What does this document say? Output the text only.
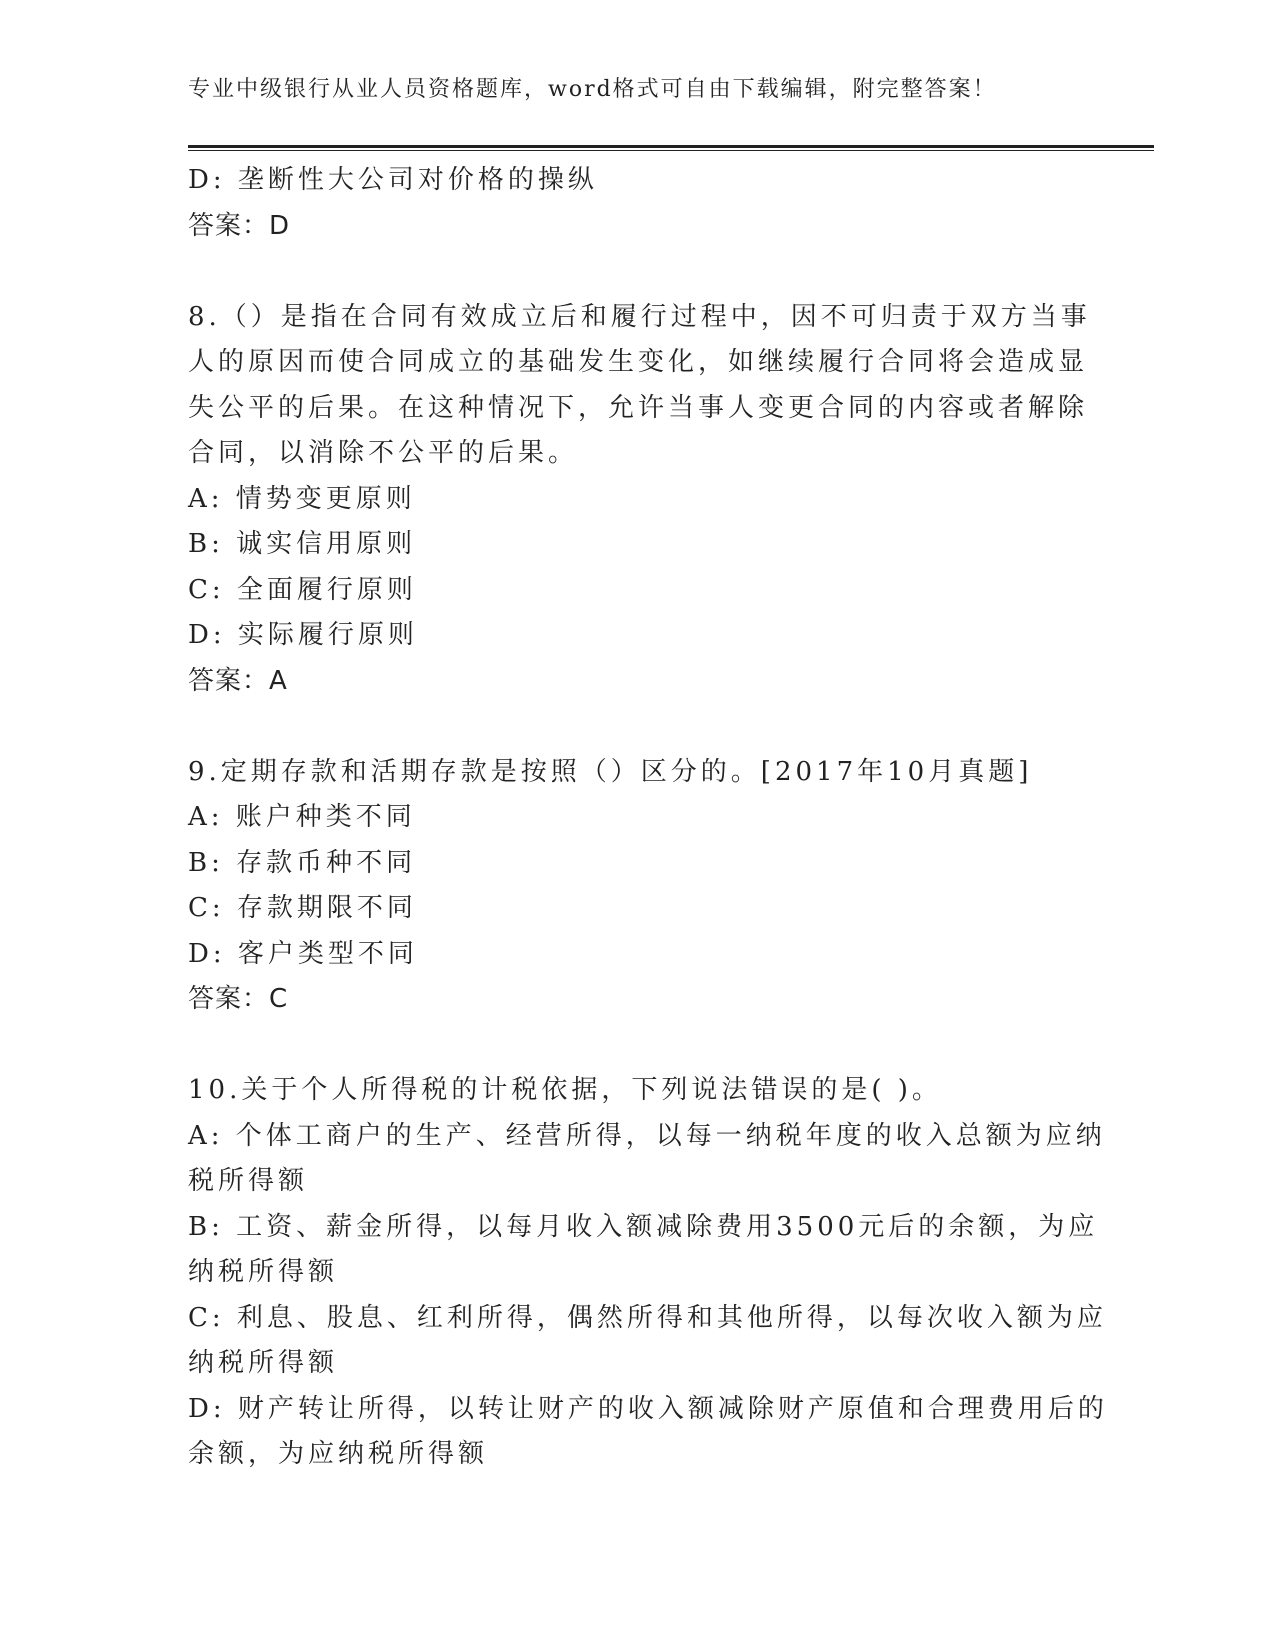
专业中级银行从业人员资格题库，word格式可自由下载编辑，附完整答案！
D: 垄断性大公司对价格的操纵
答案：D
8.（）是指在合同有效成立后和履行过程中，因不可归责于双方当事
人的原因而使合同成立的基础发生变化，如继续履行合同将会造成显
失公平的后果。在这种情况下，允许当事人变更合同的内容或者解除
合同，以消除不公平的后果。
A: 情势变更原则
B: 诚实信用原则
C: 全面履行原则
D: 实际履行原则
答案：A
9.定期存款和活期存款是按照（）区分的。[2017年10月真题]
A: 账户种类不同
B: 存款币种不同
C: 存款期限不同
D: 客户类型不同
答案：C
10.关于个人所得税的计税依据，下列说法错误的是( )。
A: 个体工商户的生产、经营所得，以每一纳税年度的收入总额为应纳
税所得额
B: 工资、薪金所得，以每月收入额减除费用3500元后的余额，为应
纳税所得额
C: 利息、股息、红利所得，偶然所得和其他所得，以每次收入额为应
纳税所得额
D: 财产转让所得，以转让财产的收入额减除财产原值和合理费用后的
余额，为应纳税所得额
